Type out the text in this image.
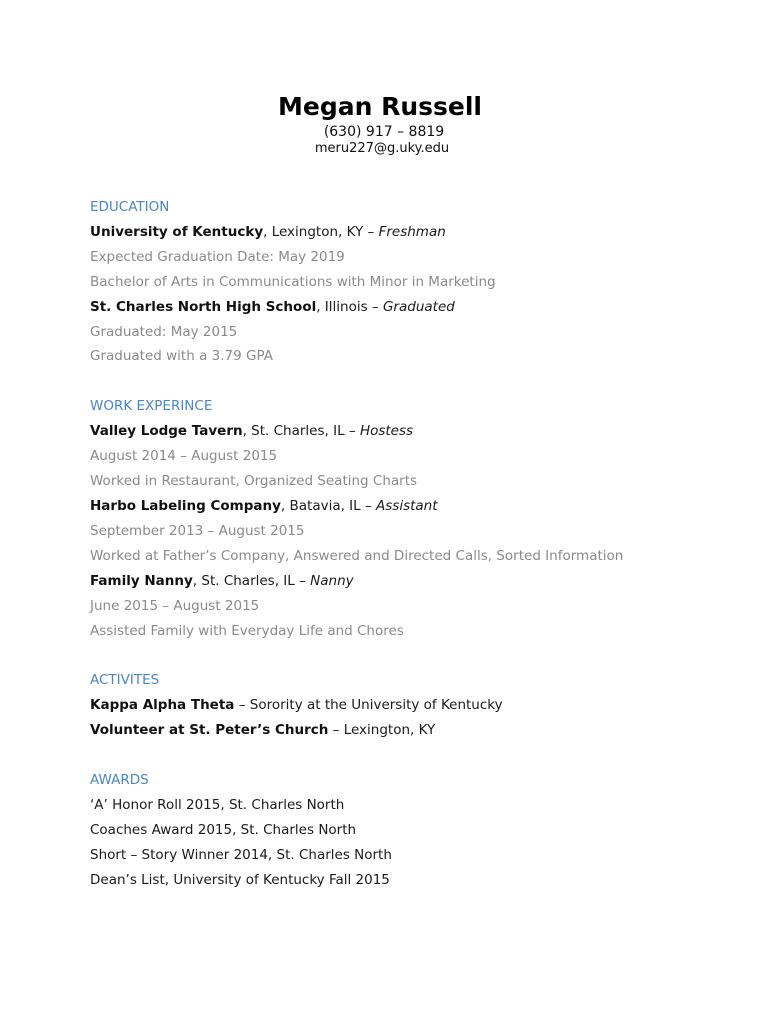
Megan Russell
(630) 917 – 8819
meru227@g.uky.edu

EDUCATION

University of Kentucky, Lexington, KY – Freshman

Expected Graduation Date: May 2019

Bachelor of Arts in Communications with Minor in Marketing

St. Charles North High School, Illinois – Graduated

Graduated: May 2015

Graduated with a 3.79 GPA

WORK EXPERINCE

Valley Lodge Tavern, St. Charles, IL – Hostess

August 2014 – August 2015

Worked in Restaurant, Organized Seating Charts

Harbo Labeling Company, Batavia, IL – Assistant

September 2013 – August 2015

Worked at Father’s Company, Answered and Directed Calls, Sorted Information

Family Nanny, St. Charles, IL – Nanny

June 2015 – August 2015

Assisted Family with Everyday Life and Chores

ACTIVITES

Kappa Alpha Theta – Sorority at the University of Kentucky

Volunteer at St. Peter’s Church – Lexington, KY

AWARDS

‘A’ Honor Roll 2015, St. Charles North

Coaches Award 2015, St. Charles North

Short – Story Winner 2014, St. Charles North

Dean’s List, University of Kentucky Fall 2015
